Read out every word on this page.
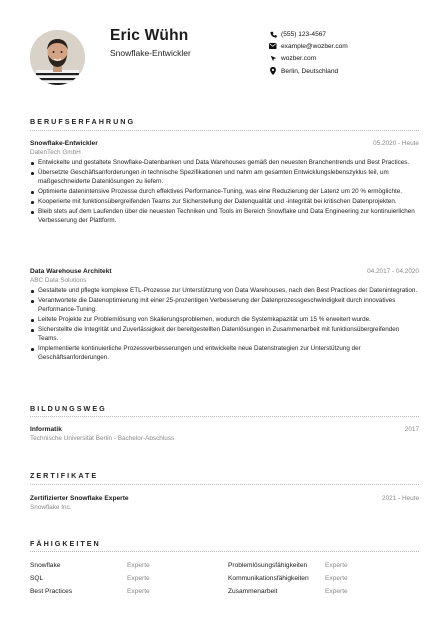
Eric Wühn
Snowflake-Entwickler
(555) 123-4567
example@wozber.com
wozber.com
Berlin, Deutschland
BERUFSERFAHRUNG
Snowflake-Entwickler	05.2020 - Heute
DatenTech GmbH
Entwickelte und gestaltete Snowflake-Datenbanken und Data Warehouses gemäß den neuesten Branchentrends und Best Practices.
Übersetzte Geschäftsanforderungen in technische Spezifikationen und nahm am gesamten Entwicklungslebenszyklus teil, um maßgeschneiderte Datenlösungen zu liefern.
Optimierte datenintensive Prozesse durch effektives Performance-Tuning, was eine Reduzierung der Latenz um 20 % ermöglichte.
Kooperierte mit funktionsübergreifenden Teams zur Sicherstellung der Datenqualität und -integrität bei kritischen Datenprojekten.
Bleib stets auf dem Laufenden über die neuesten Techniken und Tools im Bereich Snowflake und Data Engineering zur kontinuierlichen Verbesserung der Plattform.
Data Warehouse Architekt	04.2017 - 04.2020
ABC Data Solutions
Gestaltete und pflegte komplexe ETL-Prozesse zur Unterstützung von Data Warehouses, nach den Best Practices der Datenintegration.
Verantwortete die Datenoptimierung mit einer 25-prozentigen Verbesserung der Datenprozessgeschwindigkeit durch innovatives Performance-Tuning.
Leitete Projekte zur Problemlösung von Skalierungsproblemen, wodurch die Systemkapazität um 15 % erweitert wurde.
Sicherstellte die Integrität und Zuverlässigkeit der bereitgestellten Datenlösungen in Zusammenarbeit mit funktionsübergreifenden Teams.
Implementierte kontinuierliche Prozessverbesserungen und entwickelte neue Datenstrategien zur Unterstützung der Geschäftsanforderungen.
BILDUNGSWEG
Informatik	2017
Technische Universität Berlin - Bachelor-Abschluss
ZERTIFIKATE
Zertifizierter Snowflake Experte	2021 - Heute
Snowflake Inc.
FÄHIGKEITEN
Snowflake	Experte	Problemlösungsfähigkeiten	Experte
SQL	Experte	Kommunikationsfähigkeiten Experte
Best Practices	Experte	Zusammenarbeit	Experte
